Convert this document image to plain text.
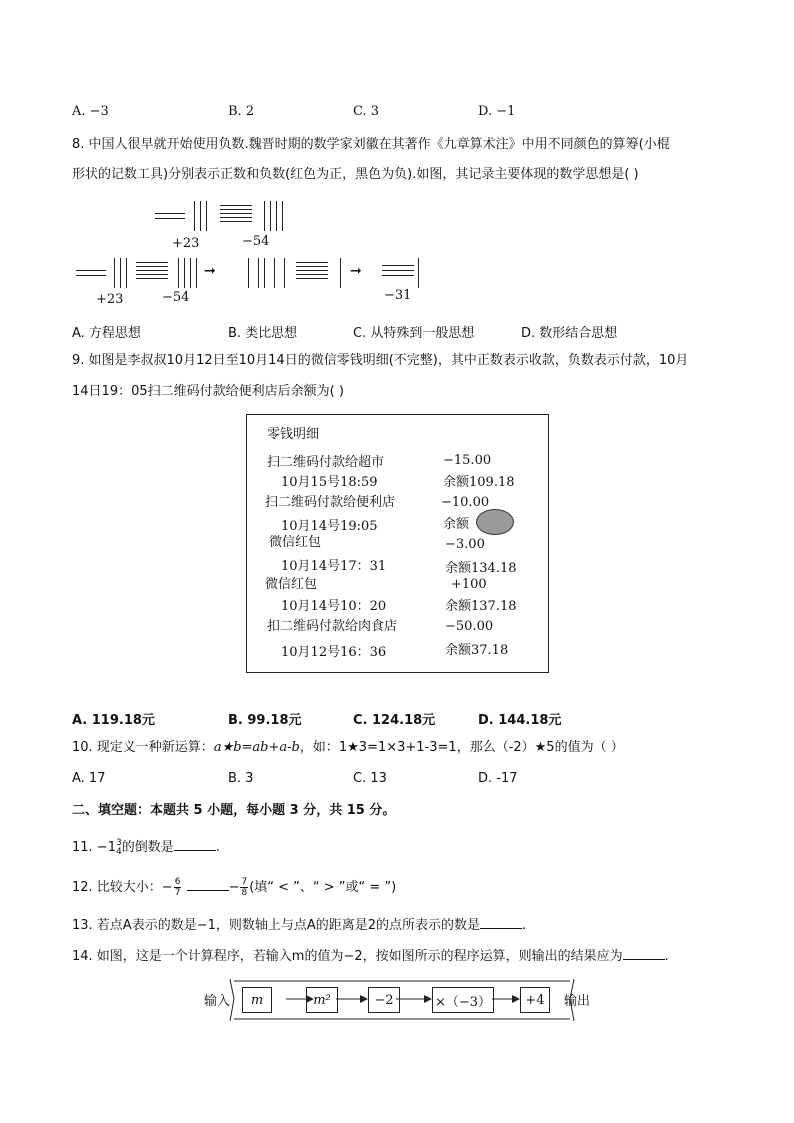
A. −3	B. 2	C. 3	D. −1
8. 中国人很早就开始使用负数.魏晋时期的数学家刘徽在其著作《九章算术注》中用不同颜色的算筹(小棍
形状的记数工具)分别表示正数和负数(红色为正，黑色为负).如图，其记录主要体现的数学思想是( )
+23	−54
➞	➞
+23	−54	−31
A. 方程思想	B. 类比思想	C. 从特殊到一般思想	D. 数形结合思想
9. 如图是李叔叔10月12日至10月14日的微信零钱明细(不完整)，其中正数表示收款，负数表示付款，10月
14日19：05扫二维码付款给便利店后余额为( )
零钱明细
扫二维码付款给超市
10月15号18:59
−15.00
余额109.18
扫二维码付款给便利店
10月14号19:05
−10.00
余额
微信红包
10月14号17：31
−3.00
余额134.18
微信红包
10月14号10：20
+100
余额137.18
扣二维码付款给肉食店
10月12号16：36
−50.00
余额37.18
A. 119.18元	B. 99.18元	C. 124.18元	D. 144.18元
10. 现定义一种新运算：a★b=ab+a-b，如：1★3=1×3+1-3=1，那么（-2）★5的值为（ ）
A. 17	B. 3	C. 13	D. -17
二、填空题：本题共 5 小题，每小题 3 分，共 15 分。
11. −1 3
4 的倒数是	.
12. 比较大小：− $\frac{6}{7}$	− $\frac{7}{8}$ (填“ < ”、“ > ”或“ = ”)
13. 若点A表示的数是−1，则数轴上与点A的距离是2的点所表示的数是	.
14. 如图，这是一个计算程序，若输入m的值为−2，按如图所示的程序运算，则输出的结果应为	.
输入	m	m²	−2	×（−3）	+4	输出
